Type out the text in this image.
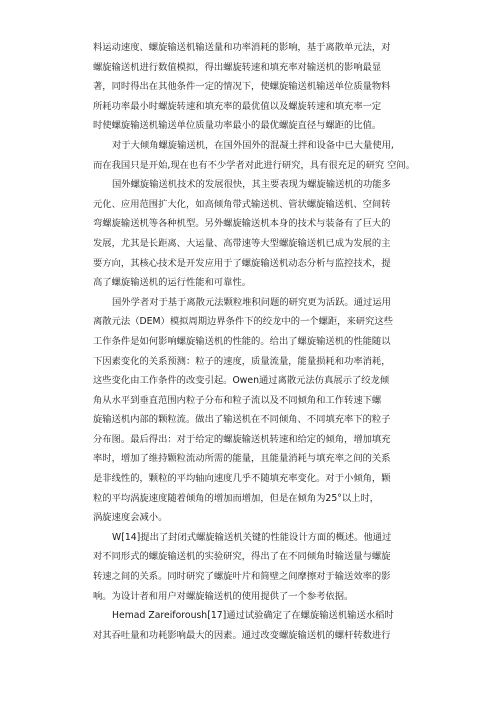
料运动速度、螺旋输送机输送量和功率消耗的影响，基于离散单元法，对
螺旋输送机进行数值模拟，得出螺旋转速和填充率对输送机的影响最显
著，同时得出在其他条件一定的情况下，使螺旋输送机输送单位质量物料
所耗功率最小时螺旋转速和填充率的最优值以及螺旋转速和填充率一定
时使螺旋输送机输送单位质量功率最小的最优螺旋直径与螺距的比值。
对于大倾角螺旋输送机，在国外国外的混凝土拌和设备中已大量使用,
而在我国只是开始,现在也有不少学者对此进行研究，具有很充足的研究 空间。
国外螺旋输送机技术的发展很快，其主要表现为螺旋输送机的功能多
元化、应用范围扩大化，如高倾角带式输送机、管状螺旋输送机、空间转
弯螺旋输送机等各种机型。另外螺旋输送机本身的技术与装备有了巨大的
发展，尤其是长距离、大运量、高带速等大型螺旋输送机已成为发展的主
要方向，其核心技术是开发应用于了螺旋输送机动态分析与监控技术，提
高了螺旋输送机的运行性能和可靠性。
国外学者对于基于离散元法颗粒堆积问题的研究更为活跃。通过运用
离散元法（DEM）模拟周期边界条件下的绞龙中的一个螺距，来研究这些
工作条件是如何影响螺旋输送机的性能的。给出了螺旋输送机的性能随以
下因素变化的关系预测：粒子的速度，质量流量，能量损耗和功率消耗，
这些变化由工作条件的改变引起。Owen通过离散元法仿真展示了绞龙倾
角从水平到垂直范围内粒子分布和粒子流以及不同倾角和工作转速下螺
旋输送机内部的颗粒流。做出了输送机在不同倾角、不同填充率下的粒子
分布图。最后得出：对于给定的螺旋输送机转速和给定的倾角，增加填充
率时，增加了维持颗粒流动所需的能量，且能量消耗与填充率之间的关系
是非线性的，颗粒的平均轴向速度几乎不随填充率变化。对于小倾角，颗
粒的平均涡旋速度随着倾角的增加而增加，但是在倾角为25°以上时，
涡旋速度会减小。
W[14]提出了封闭式螺旋输送机关键的性能设计方面的概述。他通过
对不同形式的螺旋输送机的实验研究，得出了在不同倾角时输送量与螺旋
转速之间的关系。同时研究了螺旋叶片和简壁之间摩擦对于输送效率的影
响。为设计者和用户对螺旋输送机的使用提供了一个参考依据。
Hemad Zareiforoush[17]通过试验确定了在螺旋输送机输送水稻时
对其吞吐量和功耗影响最大的因素。通过改变螺旋输送机的螺杆转数进行
